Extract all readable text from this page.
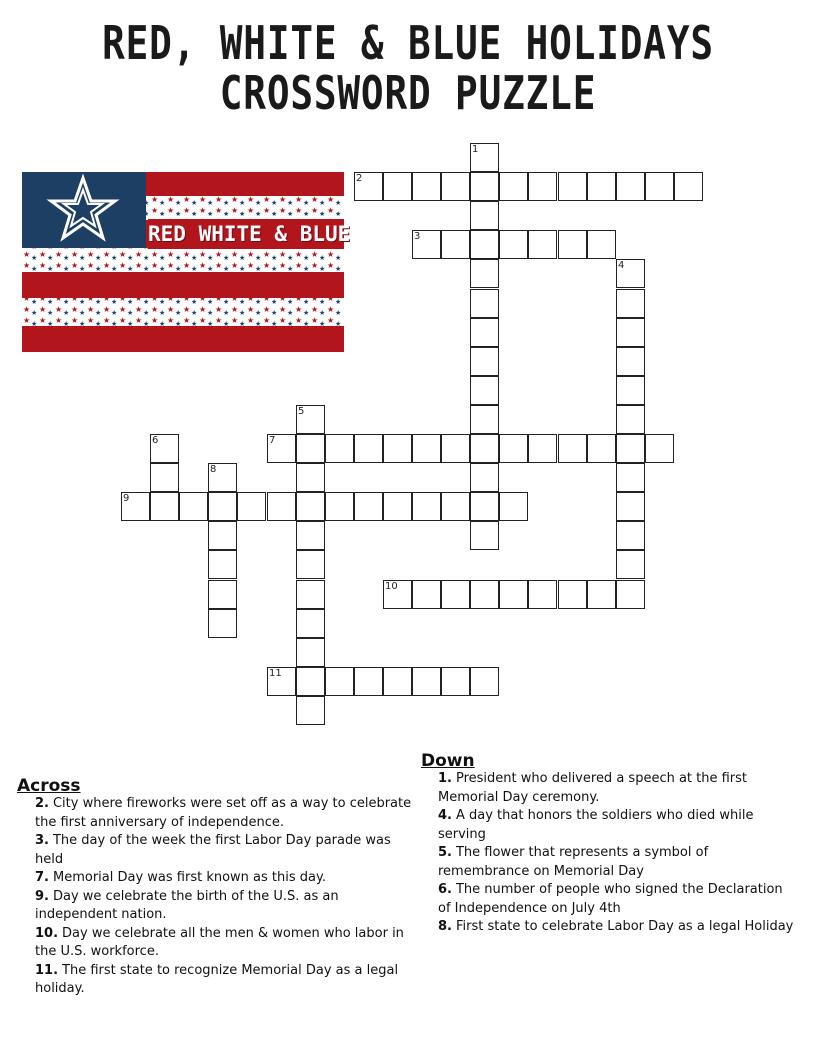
RED, WHITE & BLUE HOLIDAYS
CROSSWORD PUZZLE
RED WHITE & BLUE
1
2
3
4
5
6	7
8
9
10
11
Across
2. City where fireworks were set off as a way to celebrate the first anniversary of independence.
3. The day of the week the first Labor Day parade was held
7. Memorial Day was first known as this day.
9. Day we celebrate the birth of the U.S. as an independent nation.
10. Day we celebrate all the men & women who labor in the U.S. workforce.
11. The first state to recognize Memorial Day as a legal holiday.
Down
1. President who delivered a speech at the first Memorial Day ceremony.
4. A day that honors the soldiers who died while serving
5. The flower that represents a symbol of remembrance on Memorial Day
6. The number of people who signed the Declaration of Independence on July 4th
8. First state to celebrate Labor Day as a legal Holiday
